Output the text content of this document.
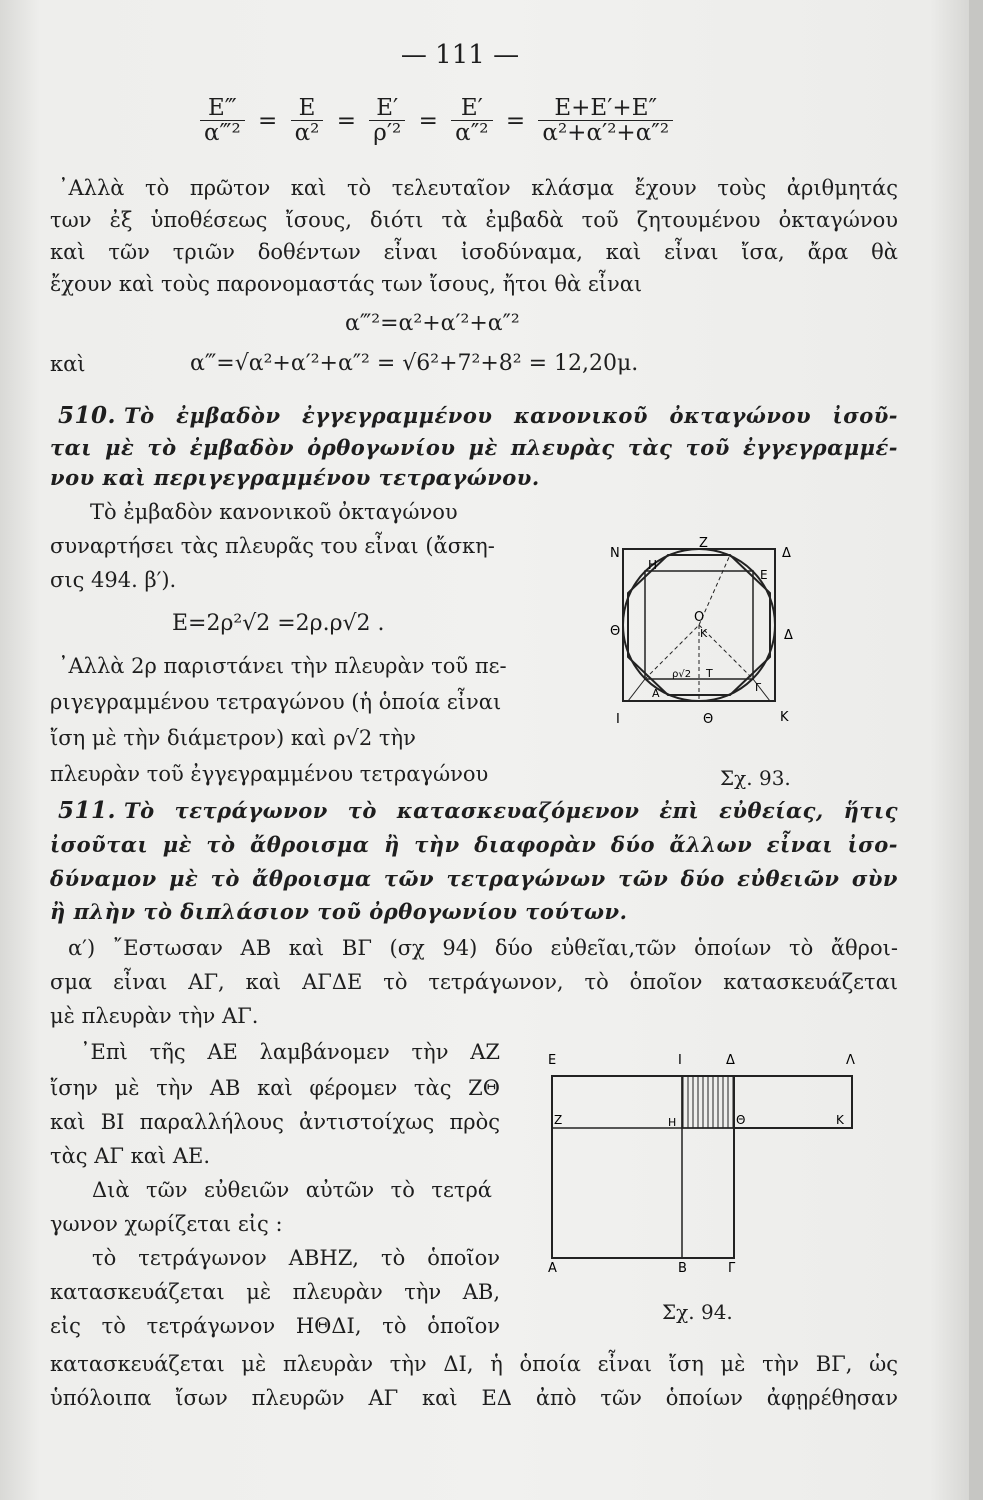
— 111 —
$\frac{E‴}{\text{α‴²}} = \frac{E}{\text{α²}} = \frac{E'}{\text{ρ′²}} = \frac{E'}{\text{α″²}} = \frac{E+E'+E''}{\text{α²+α′²+α″²}}$
᾿Αλλὰ τὸ πρῶτον καὶ τὸ τελευταῖον κλάσμα ἔχουν τοὺς ἀριθμητάς
των ἐξ ὑποθέσεως ἴσους, διότι τὰ ἐμβαδὰ τοῦ ζητουμένου ὀκταγώνου
καὶ τῶν τριῶν δοθέντων εἶναι ἰσοδύναμα, καὶ εἶναι ἴσα, ἄρα θὰ
ἔχουν καὶ τοὺς παρονομαστάς των ἴσους, ἤτοι θὰ εἶναι
α‴²=α²+α′²+α″²
καὶ	α‴=√α²+α′²+α″² = √6²+7²+8² = 12,20μ.
510. Τὸ ἐμβαδὸν ἐγγεγραμμένου κανονικοῦ ὀκταγώνου ἰσοῦ-
ται μὲ τὸ ἐμβαδὸν ὀρθογωνίου μὲ πλευρὰς τὰς τοῦ ἐγγεγραμμέ-
νου καὶ περιγεγραμμένου τετραγώνου.
Τὸ ἐμβαδὸν κανονικοῦ ὀκταγώνου
συναρτήσει τὰς πλευρᾶς του εἶναι (ἄσκη-
σις 494. β′).
E=2ρ²√2 =2ρ.ρ√2 .
᾿Αλλὰ 2ρ παριστάνει τὴν πλευρὰν τοῦ πε-
ριγεγραμμένου τετραγώνου (ἡ ὁποία εἶναι
ἴση μὲ τὴν διάμετρον) καὶ ρ√2 τὴν
πλευρὰν τοῦ ἐγγεγραμμένου τετραγώνου
N
Z
Δ
H
E
O
K
Θ	Δ
ρ√2 T
A	Γ
I	Θ	K
Σχ. 93.
511. Τὸ τετράγωνον τὸ κατασκευαζόμενον ἐπὶ εὐθείας, ἥτις
ἰσοῦται μὲ τὸ ἄθροισμα ἢ τὴν διαφορὰν δύο ἄλλων εἶναι ἰσο-
δύναμον μὲ τὸ ἄθροισμα τῶν τετραγώνων τῶν δύο εὐθειῶν σὺν
ἢ πλὴν τὸ διπλάσιον τοῦ ὀρθογωνίου τούτων.
α′) ῎Εστωσαν ΑΒ καὶ ΒΓ (σχ 94) δύο εὐθεῖαι,τῶν ὁποίων τὸ ἄθροι-
σμα εἶναι ΑΓ, καὶ ΑΓΔΕ τὸ τετράγωνον, τὸ ὁποῖον κατασκευάζεται
μὲ πλευρὰν τὴν ΑΓ.
᾿Επὶ τῆς ΑΕ λαμβάνομεν τὴν ΑΖ
ἴσην μὲ τὴν ΑΒ καὶ φέρομεν τὰς ΖΘ
καὶ ΒΙ παραλλήλους ἀντιστοίχως πρὸς
τὰς ΑΓ καὶ ΑΕ.
Διὰ τῶν εὐθειῶν αὐτῶν τὸ τετρά
γωνον χωρίζεται εἰς :
τὸ τετράγωνον ΑΒΗΖ, τὸ ὁποῖον
κατασκευάζεται μὲ πλευρὰν τὴν ΑΒ,
εἰς τὸ τετράγωνον ΗΘΔΙ, τὸ ὁποῖον
E	I	Δ	Λ
Z	H	Θ	K
A	B	Γ
Σχ. 94.
κατασκευάζεται μὲ πλευρὰν τὴν ΔΙ, ἡ ὁποία εἶναι ἴση μὲ τὴν ΒΓ, ὡς
ὑπόλοιπα ἴσων πλευρῶν ΑΓ καὶ ΕΔ ἀπὸ τῶν ὁποίων ἀφῃρέθησαν
